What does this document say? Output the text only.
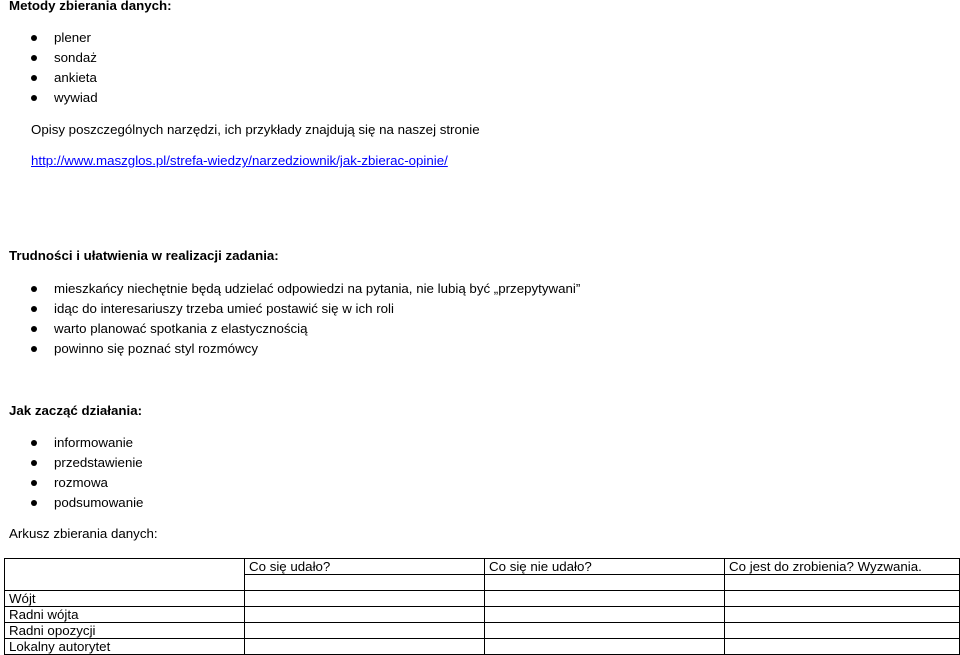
Metody zbierania danych:
plener
sondaż
ankieta
wywiad
Opisy poszczególnych narzędzi, ich przykłady znajdują się na naszej stronie
http://www.maszglos.pl/strefa-wiedzy/narzedziownik/jak-zbierac-opinie/
Trudności i ułatwienia w realizacji zadania:
mieszkańcy niechętnie będą udzielać odpowiedzi na pytania, nie lubią być „przepytywani”
idąc do interesariuszy trzeba umieć postawić się w ich roli
warto planować spotkania z elastycznością
powinno się poznać styl rozmówcy
Jak zacząć działania:
informowanie
przedstawienie
rozmowa
podsumowanie
Arkusz zbierania danych:
	Co się udało?	Co się nie udało?	Co jest do zrobienia? Wyzwania.

Wójt			
Radni wójta			
Radni opozycji			
Lokalny autorytet			
